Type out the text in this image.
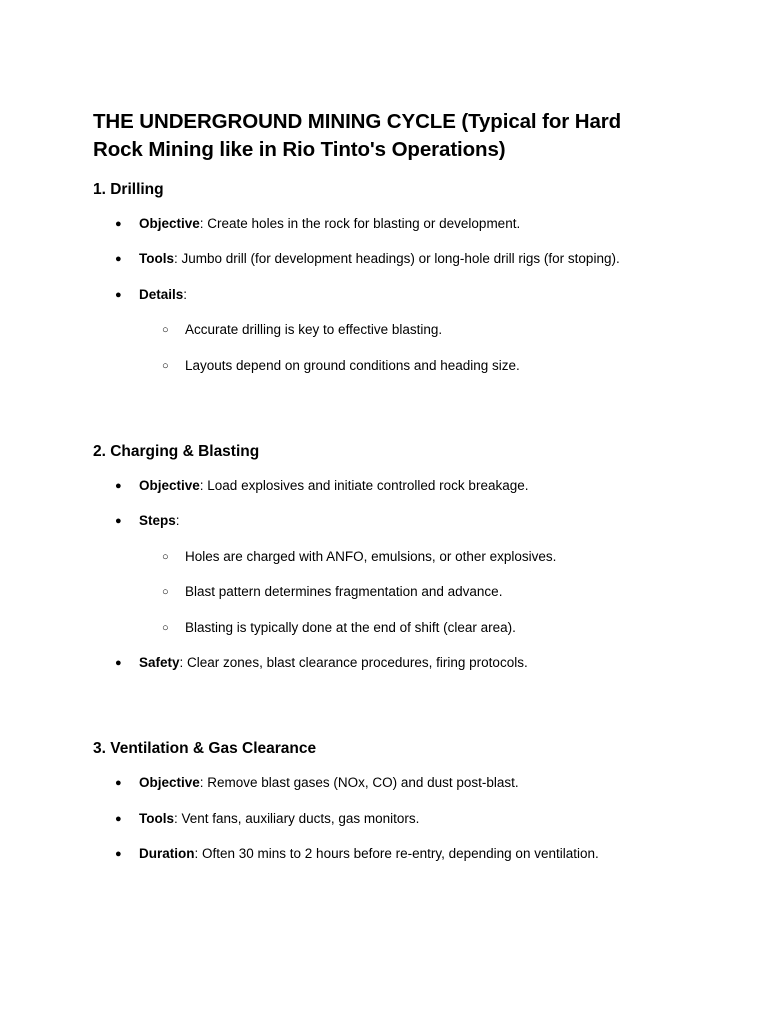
THE UNDERGROUND MINING CYCLE (Typical for Hard Rock Mining like in Rio Tinto's Operations)
1. Drilling
● Objective: Create holes in the rock for blasting or development.
● Tools: Jumbo drill (for development headings) or long-hole drill rigs (for stoping).
● Details:
○ Accurate drilling is key to effective blasting.
○ Layouts depend on ground conditions and heading size.
2. Charging & Blasting
● Objective: Load explosives and initiate controlled rock breakage.
● Steps:
○ Holes are charged with ANFO, emulsions, or other explosives.
○ Blast pattern determines fragmentation and advance.
○ Blasting is typically done at the end of shift (clear area).
● Safety: Clear zones, blast clearance procedures, firing protocols.
3. Ventilation & Gas Clearance
● Objective: Remove blast gases (NOx, CO) and dust post-blast.
● Tools: Vent fans, auxiliary ducts, gas monitors.
● Duration: Often 30 mins to 2 hours before re-entry, depending on ventilation.
